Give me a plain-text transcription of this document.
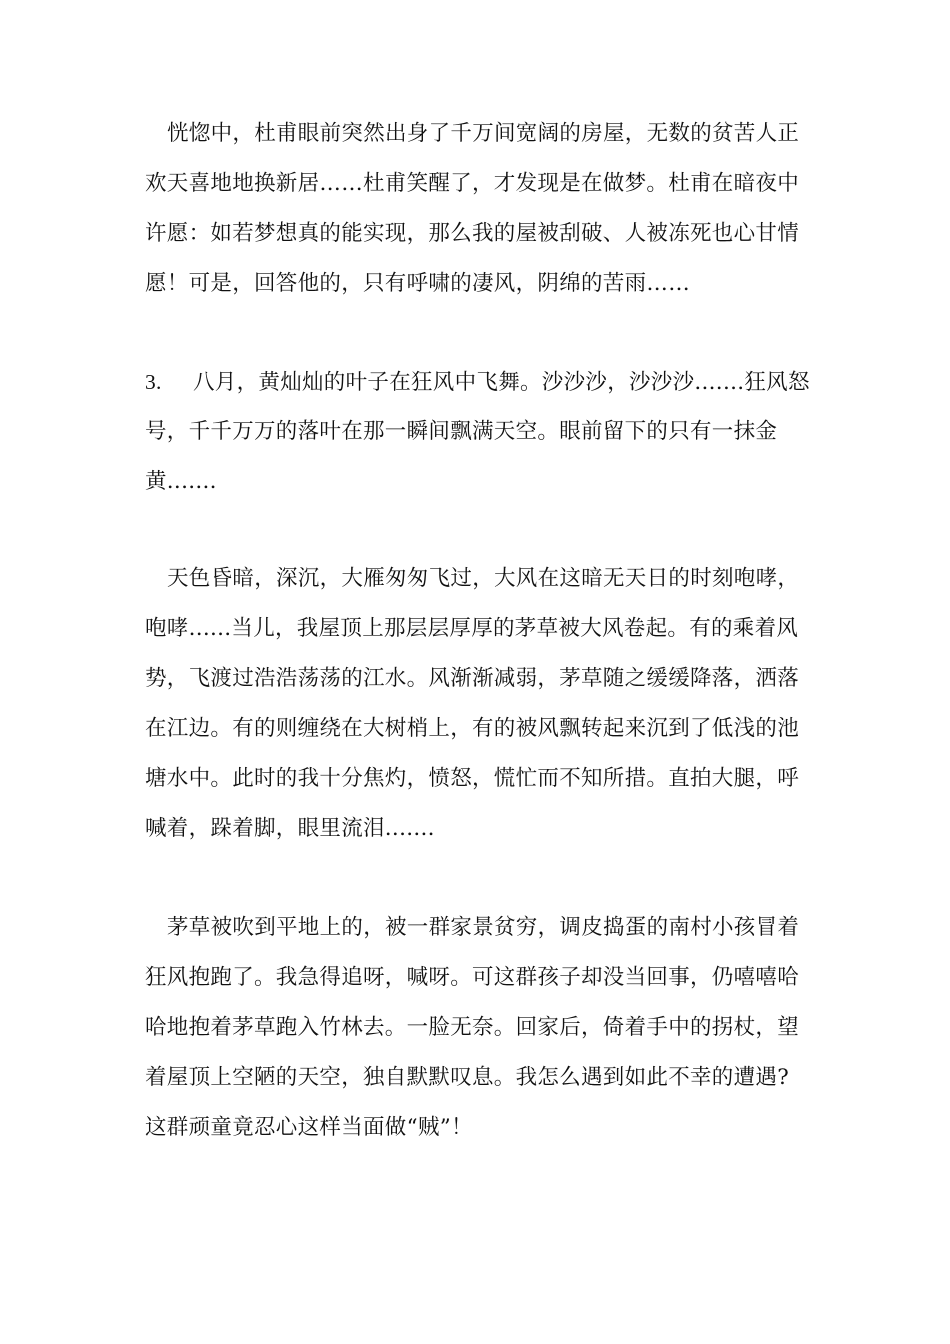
恍惚中，杜甫眼前突然出身了千万间宽阔的房屋，无数的贫苦人正
欢天喜地地换新居……杜甫笑醒了，才发现是在做梦。杜甫在暗夜中
许愿：如若梦想真的能实现，那么我的屋被刮破、人被冻死也心甘情
愿！可是，回答他的，只有呼啸的凄风，阴绵的苦雨……
3. 八月，黄灿灿的叶子在狂风中飞舞。沙沙沙，沙沙沙.......狂风怒
号，千千万万的落叶在那一瞬间飘满天空。眼前留下的只有一抹金
黄.......
天色昏暗，深沉，大雁匆匆飞过，大风在这暗无天日的时刻咆哮，
咆哮......当儿，我屋顶上那层层厚厚的茅草被大风卷起。有的乘着风
势，飞渡过浩浩荡荡的江水。风渐渐减弱，茅草随之缓缓降落，洒落
在江边。有的则缠绕在大树梢上，有的被风飘转起来沉到了低浅的池
塘水中。此时的我十分焦灼，愤怒，慌忙而不知所措。直拍大腿，呼
喊着，跺着脚，眼里流泪.......
茅草被吹到平地上的，被一群家景贫穷，调皮捣蛋的南村小孩冒着
狂风抱跑了。我急得追呀，喊呀。可这群孩子却没当回事，仍嘻嘻哈
哈地抱着茅草跑入竹林去。一脸无奈。回家后，倚着手中的拐杖，望
着屋顶上空陋的天空，独自默默叹息。我怎么遇到如此不幸的遭遇?
这群顽童竟忍心这样当面做“贼”！
